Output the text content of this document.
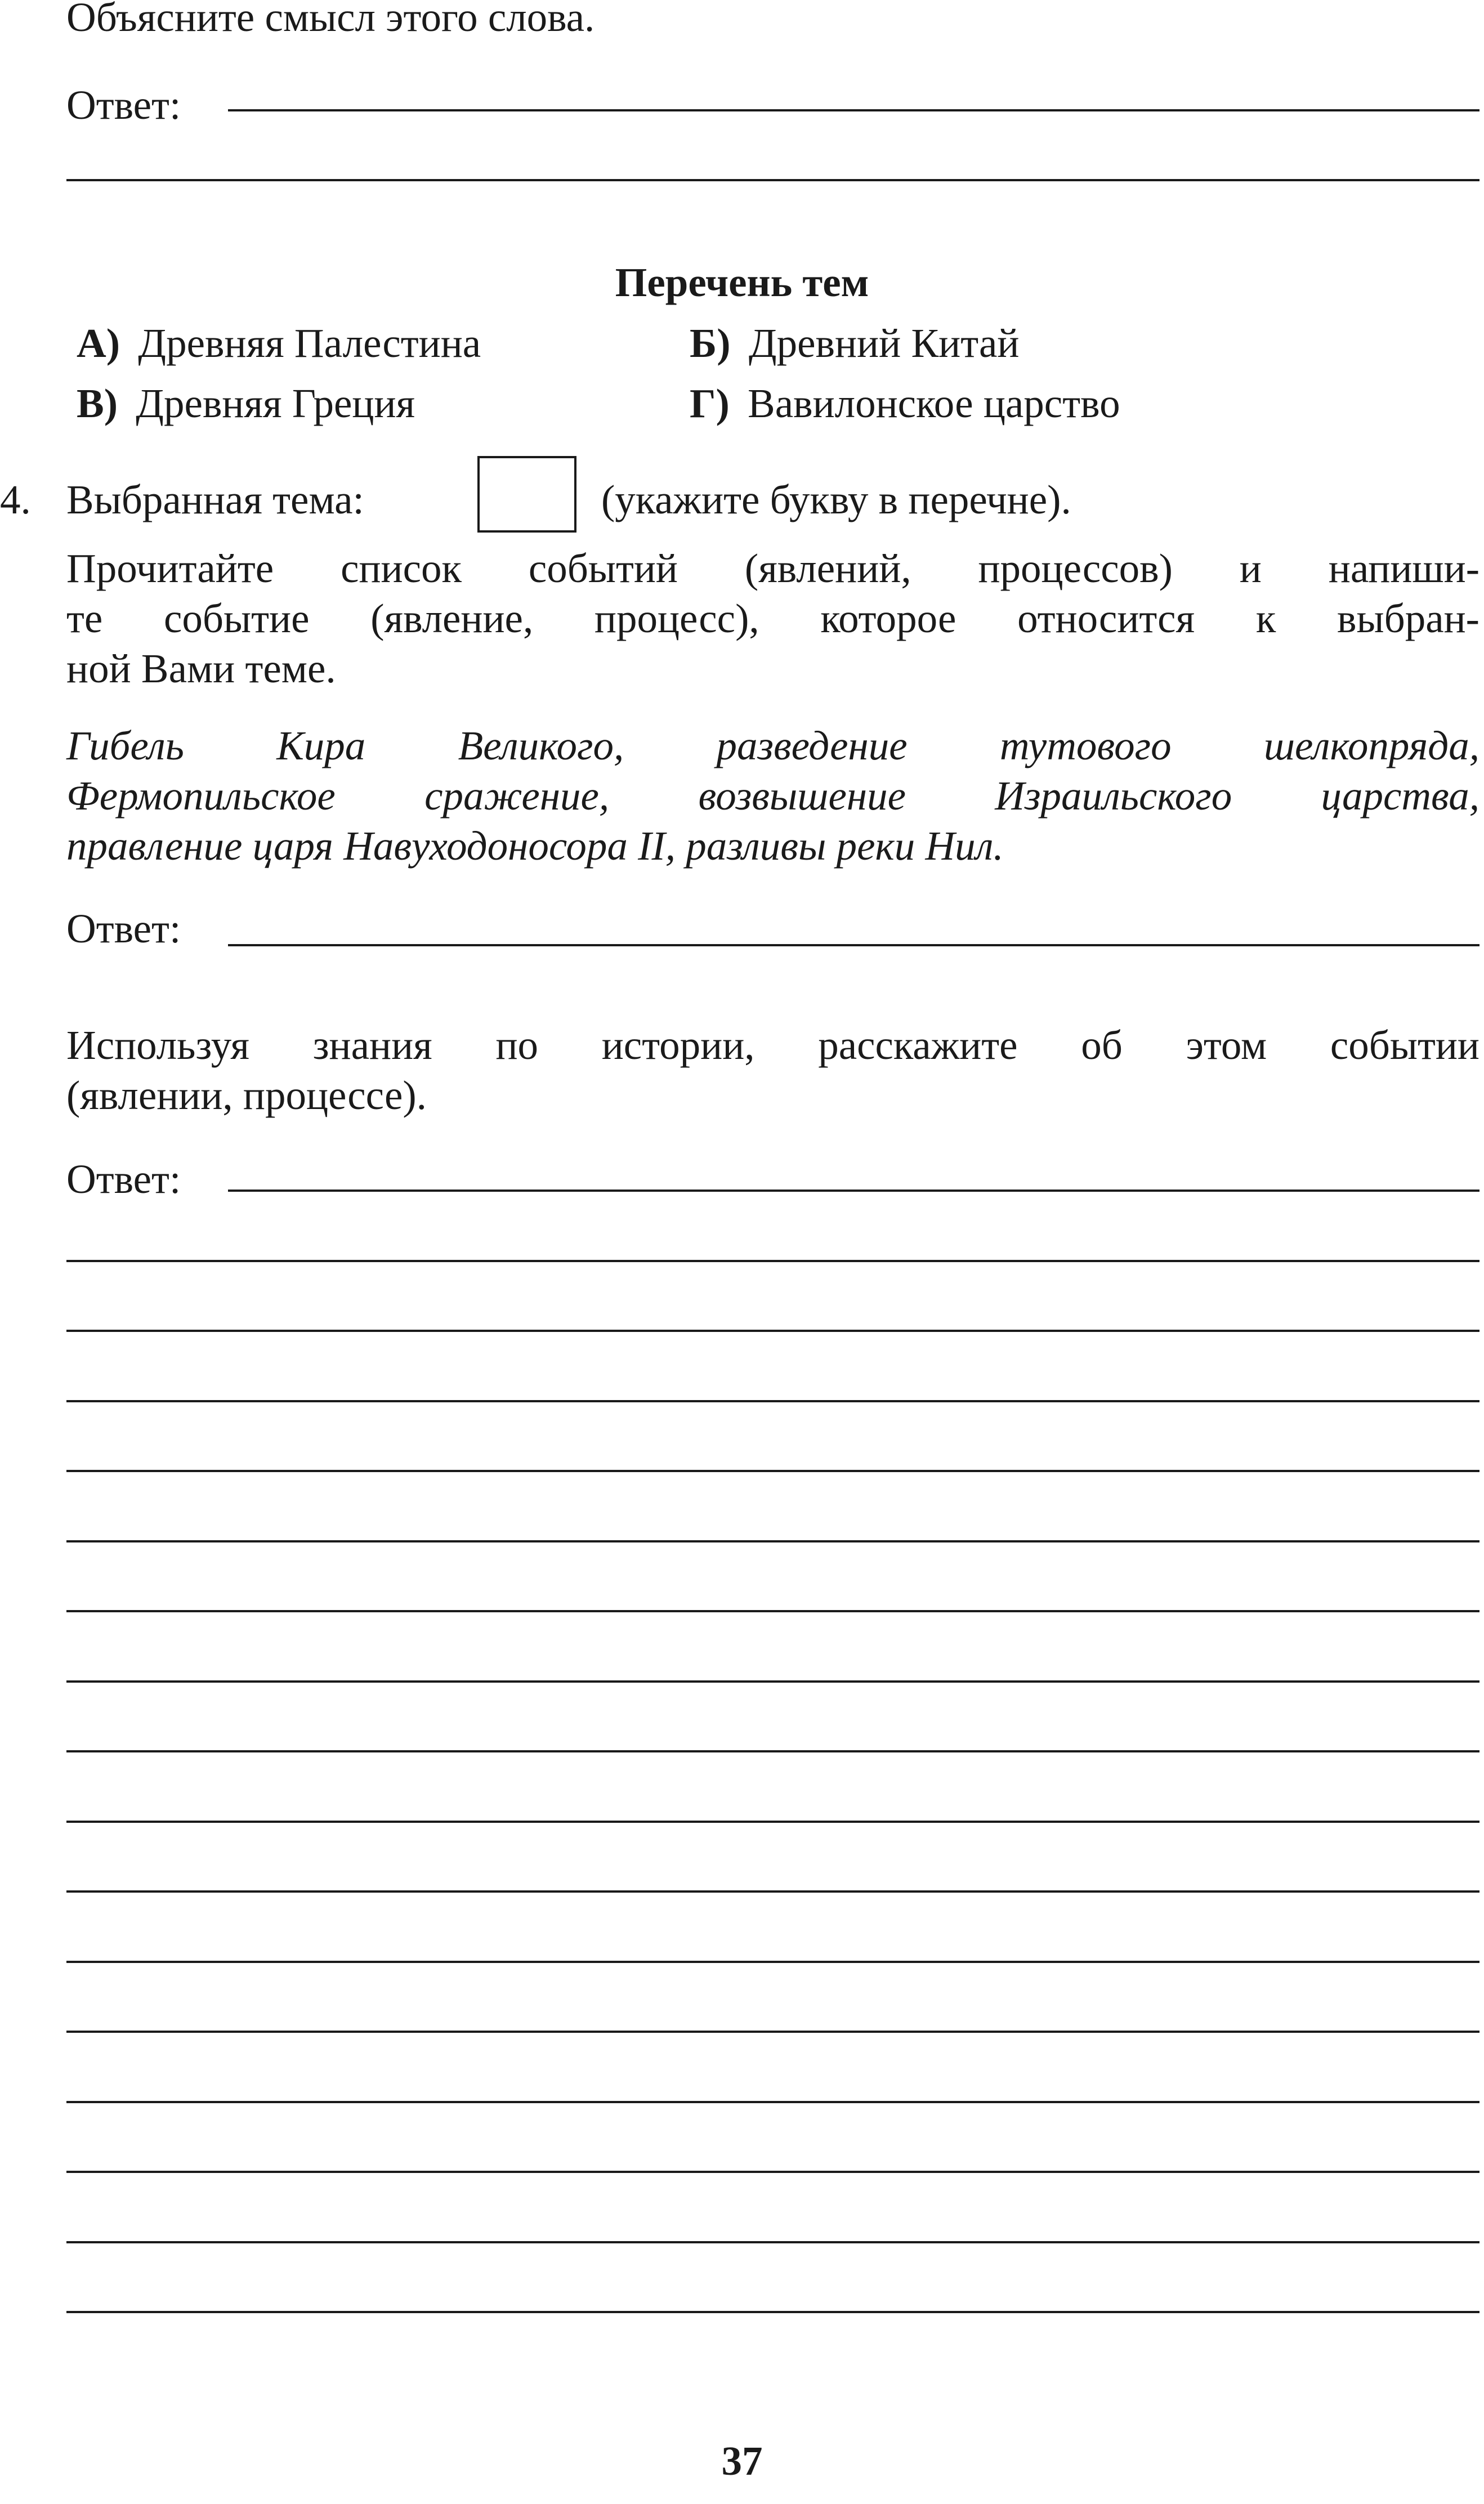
Объясните смысл этого слова.
Ответ:
Перечень тем
А) Древняя Палестина	Б) Древний Китай
В) Древняя Греция	Г) Вавилонское царство
4. Выбранная тема:	(укажите букву в перечне).
Прочитайте список событий (явлений, процессов) и напиши-
те событие (явление, процесс), которое относится к выбран-
ной Вами теме.
Гибель Кира Великого, разведение тутового шелкопряда,
Фермопильское сражение, возвышение Израильского царства,
правление царя Навуходоносора II, разливы реки Нил.
Ответ:
Используя знания по истории, расскажите об этом событии
(явлении, процессе).
Ответ:
37
